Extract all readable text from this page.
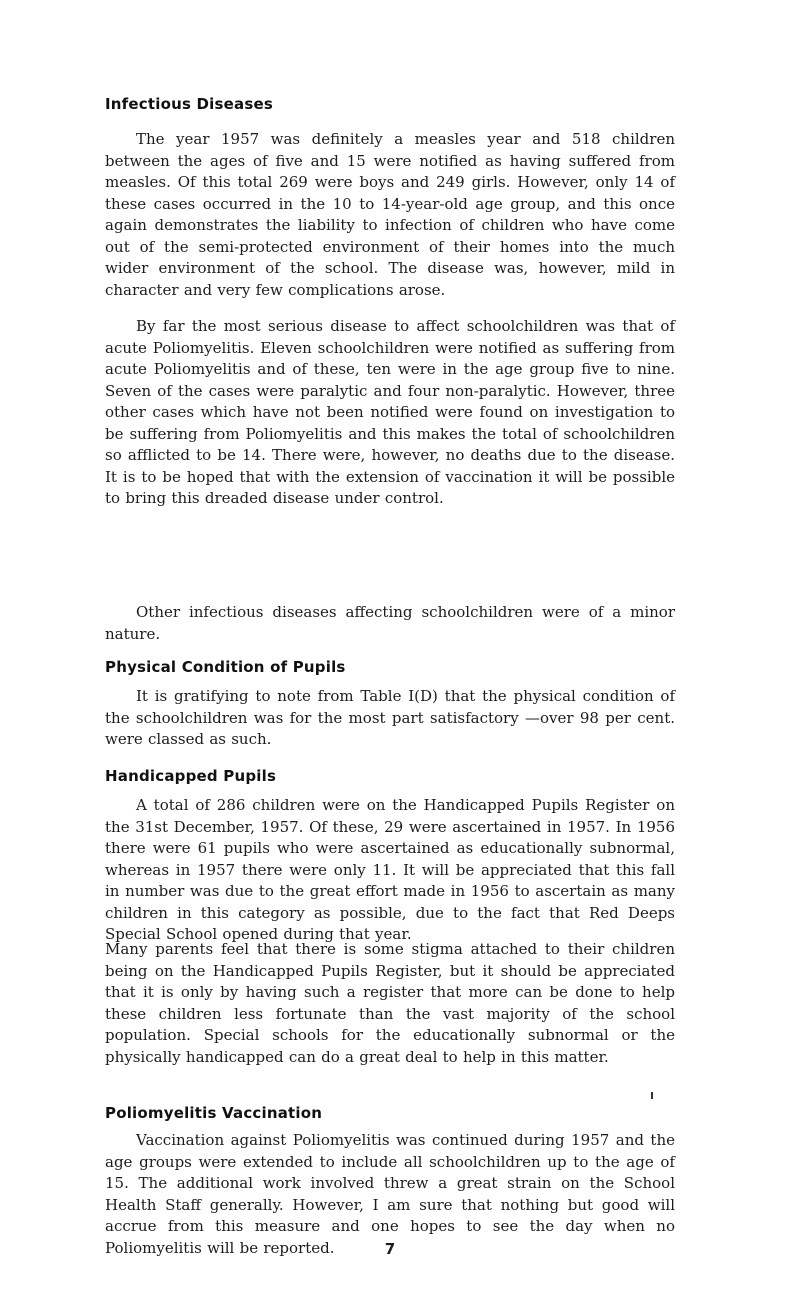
Infectious Diseases

The year 1957 was definitely a measles year and 518 children between the ages of five and 15 were notified as having suffered from measles. Of this total 269 were boys and 249 girls. However, only 14 of these cases occurred in the 10 to 14-year-old age group, and this once again demonstrates the liability to infection of children who have come out of the semi-protected environment of their homes into the much wider environment of the school. The disease was, however, mild in character and very few complications arose.

By far the most serious disease to affect schoolchildren was that of acute Poliomyelitis. Eleven schoolchildren were notified as suffering from acute Poliomyelitis and of these, ten were in the age group five to nine. Seven of the cases were paralytic and four non-paralytic. However, three other cases which have not been notified were found on investigation to be suffering from Poliomyelitis and this makes the total of schoolchildren so afflicted to be 14. There were, however, no deaths due to the disease. It is to be hoped that with the extension of vaccination it will be possible to bring this dreaded disease under control.

Other infectious diseases affecting schoolchildren were of a minor nature.

Physical Condition of Pupils

It is gratifying to note from Table I(D) that the physical condition of the schoolchildren was for the most part satisfactory —over 98 per cent. were classed as such.

Handicapped Pupils

A total of 286 children were on the Handicapped Pupils Register on the 31st December, 1957. Of these, 29 were ascertained in 1957. In 1956 there were 61 pupils who were ascertained as educationally subnormal, whereas in 1957 there were only 11. It will be appreciated that this fall in number was due to the great effort made in 1956 to ascertain as many children in this category as possible, due to the fact that Red Deeps Special School opened during that year.

Many parents feel that there is some stigma attached to their children being on the Handicapped Pupils Register, but it should be appreciated that it is only by having such a register that more can be done to help these children less fortunate than the vast majority of the school population. Special schools for the educationally subnormal or the physically handicapped can do a great deal to help in this matter.

Poliomyelitis Vaccination

Vaccination against Poliomyelitis was continued during 1957 and the age groups were extended to include all schoolchildren up to the age of 15. The additional work involved threw a great strain on the School Health Staff generally. However, I am sure that nothing but good will accrue from this measure and one hopes to see the day when no Poliomyelitis will be reported.	7
